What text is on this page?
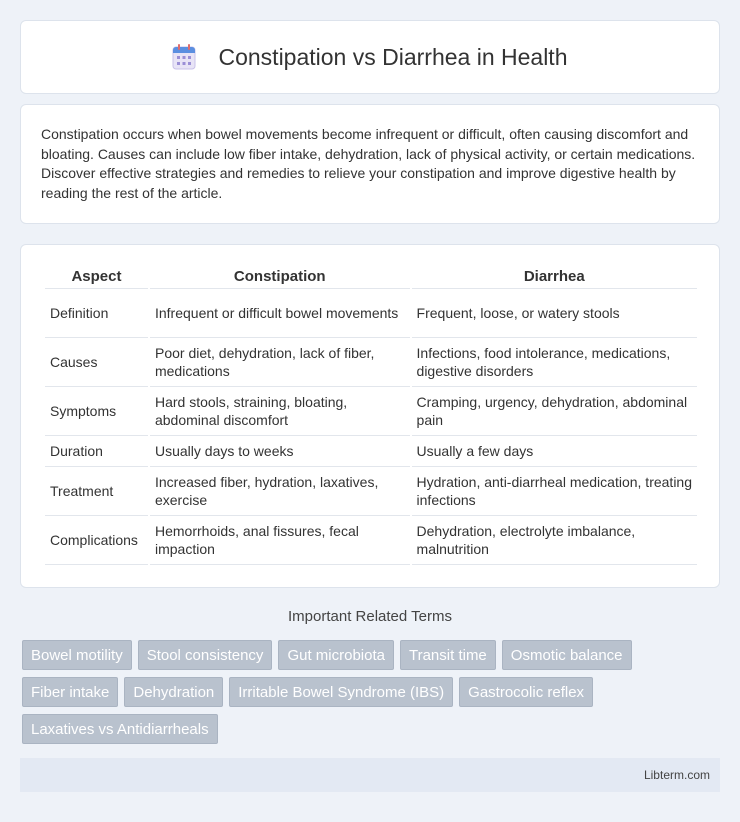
Constipation vs Diarrhea in Health

Constipation occurs when bowel movements become infrequent or difficult, often causing discomfort and bloating. Causes can include low fiber intake, dehydration, lack of physical activity, or certain medications. Discover effective strategies and remedies to relieve your constipation and improve digestive health by reading the rest of the article.

Aspect	Constipation	Diarrhea
Definition	Infrequent or difficult bowel movements	Frequent, loose, or watery stools
Causes	Poor diet, dehydration, lack of fiber, medications	Infections, food intolerance, medications, digestive disorders
Symptoms	Hard stools, straining, bloating, abdominal discomfort	Cramping, urgency, dehydration, abdominal pain
Duration	Usually days to weeks	Usually a few days
Treatment	Increased fiber, hydration, laxatives, exercise	Hydration, anti-diarrheal medication, treating infections
Complications	Hemorrhoids, anal fissures, fecal impaction	Dehydration, electrolyte imbalance, malnutrition
Important Related Terms
Bowel motility	Stool consistency	Gut microbiota	Transit time	Osmotic balance
Fiber intake	Dehydration	Irritable Bowel Syndrome (IBS)	Gastrocolic reflex
Laxatives vs Antidiarrheals
Libterm.com
